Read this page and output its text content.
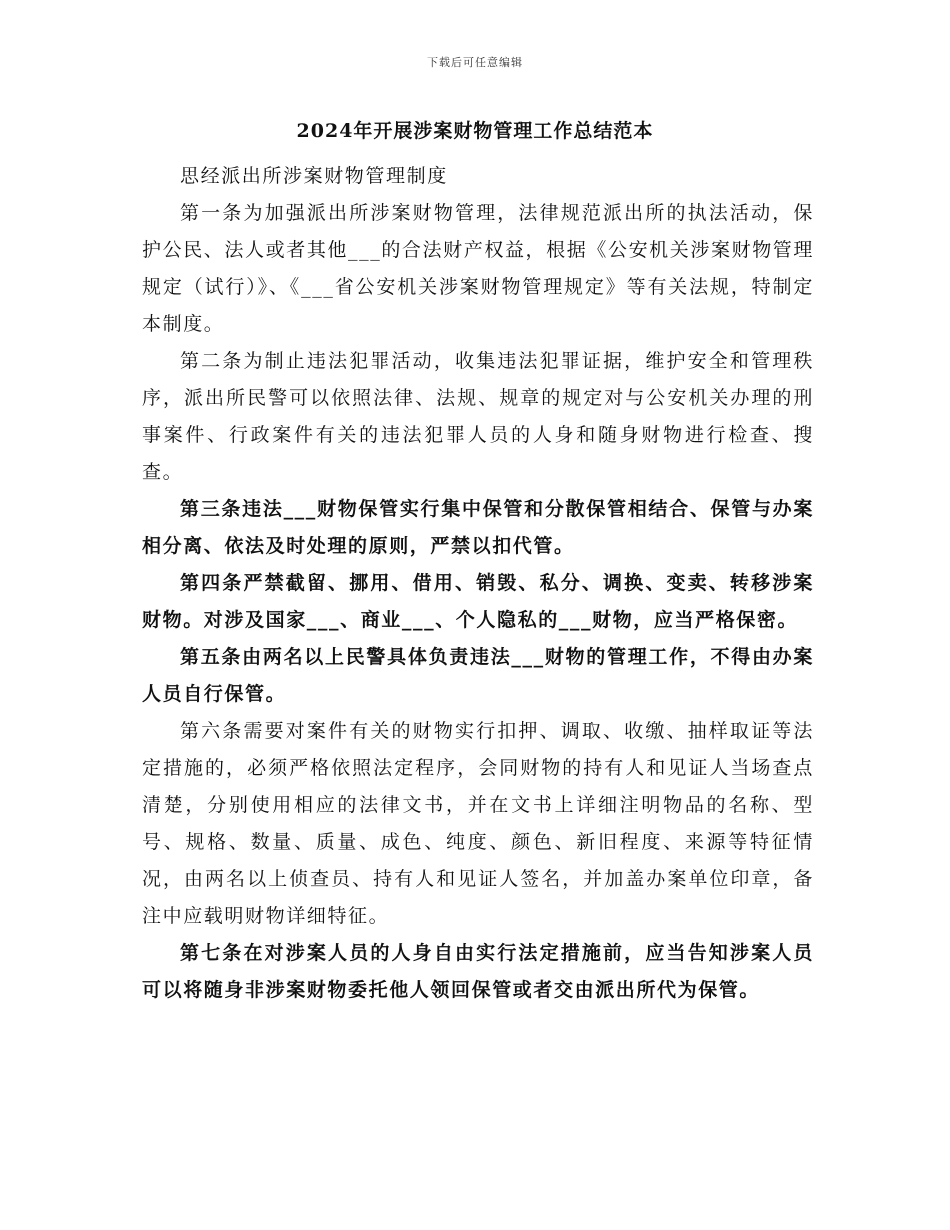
下载后可任意编辑
2024年开展涉案财物管理工作总结范本

思经派出所涉案财物管理制度

第一条为加强派出所涉案财物管理，法律规范派出所的执法活动，保护公民、法人或者其他___的合法财产权益，根据《公安机关涉案财物管理规定（试行）》、《___省公安机关涉案财物管理规定》等有关法规，特制定本制度。

第二条为制止违法犯罪活动，收集违法犯罪证据，维护安全和管理秩序，派出所民警可以依照法律、法规、规章的规定对与公安机关办理的刑事案件、行政案件有关的违法犯罪人员的人身和随身财物进行检查、搜查。

第三条违法___财物保管实行集中保管和分散保管相结合、保管与办案相分离、依法及时处理的原则，严禁以扣代管。

第四条严禁截留、挪用、借用、销毁、私分、调换、变卖、转移涉案财物。对涉及国家___、商业___、个人隐私的___财物，应当严格保密。

第五条由两名以上民警具体负责违法___财物的管理工作，不得由办案人员自行保管。

第六条需要对案件有关的财物实行扣押、调取、收缴、抽样取证等法定措施的，必须严格依照法定程序，会同财物的持有人和见证人当场查点清楚，分别使用相应的法律文书，并在文书上详细注明物品的名称、型号、规格、数量、质量、成色、纯度、颜色、新旧程度、来源等特征情况，由两名以上侦查员、持有人和见证人签名，并加盖办案单位印章，备注中应载明财物详细特征。

第七条在对涉案人员的人身自由实行法定措施前，应当告知涉案人员可以将随身非涉案财物委托他人领回保管或者交由派出所代为保管。
